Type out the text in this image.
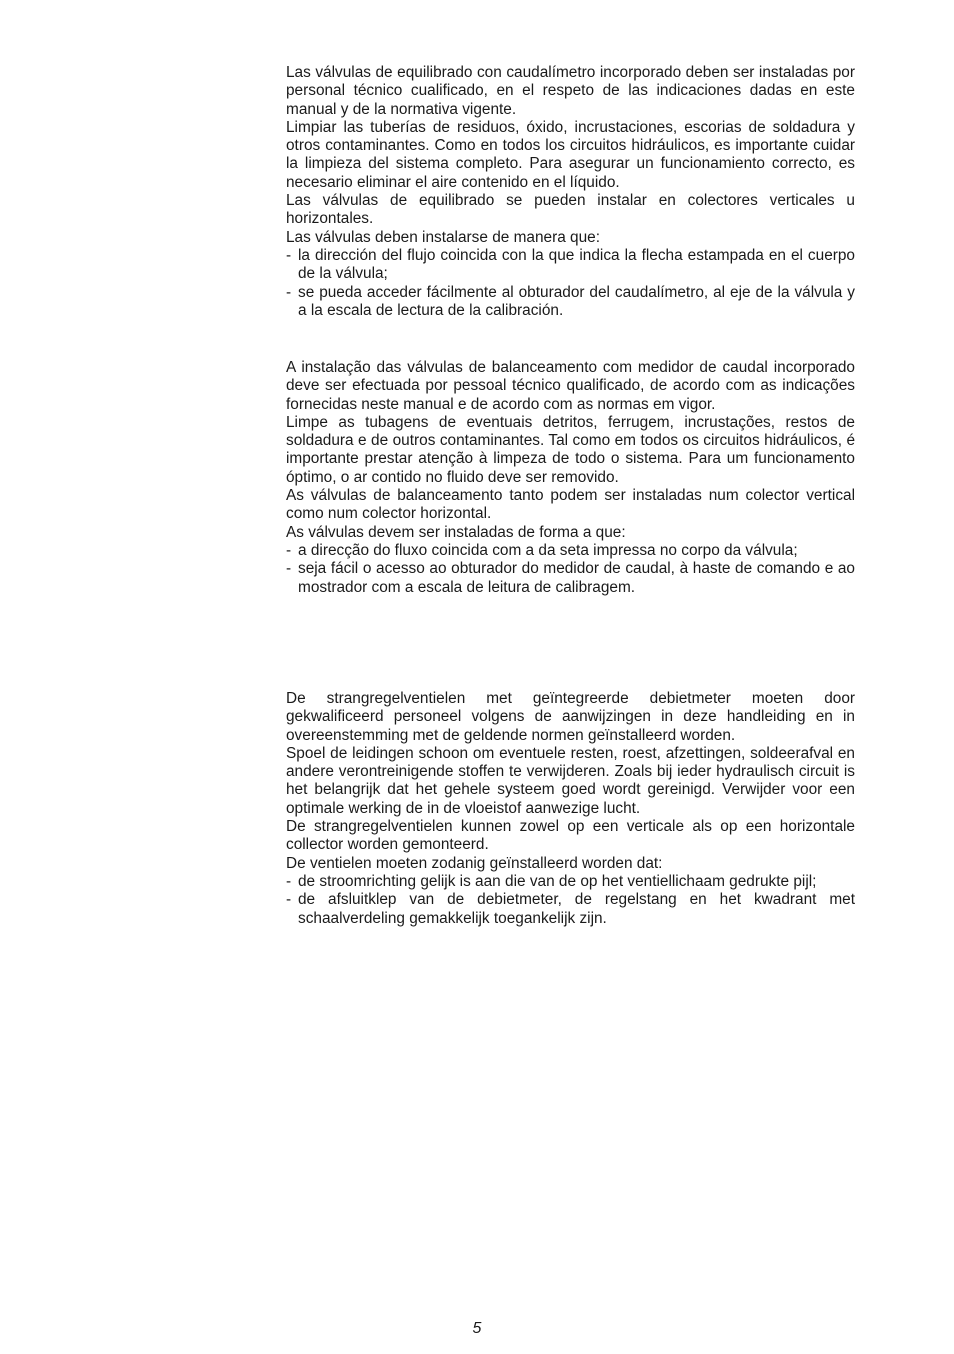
Las válvulas de equilibrado con caudalímetro incorporado deben ser instaladas por personal técnico cualificado, en el respeto de las indicaciones dadas en este manual y de la normativa vigente.

Limpiar las tuberías de residuos, óxido, incrustaciones, escorias de soldadura y otros contaminantes. Como en todos los circuitos hidráulicos, es importante cuidar la limpieza del sistema completo. Para asegurar un funcionamiento correcto, es necesario eliminar el aire contenido en el líquido.

Las válvulas de equilibrado se pueden instalar en colectores verticales u horizontales.

Las válvulas deben instalarse de manera que:

- la dirección del flujo coincida con la que indica la flecha estampada en el cuerpo de la válvula;
- se pueda acceder fácilmente al obturador del caudalímetro, al eje de la válvula y a la escala de lectura de la calibración.

A instalação das válvulas de balanceamento com medidor de caudal incorporado deve ser efectuada por pessoal técnico qualificado, de acordo com as indicações fornecidas neste manual e de acordo com as normas em vigor.

Limpe as tubagens de eventuais detritos, ferrugem, incrustações, restos de soldadura e de outros contaminantes. Tal como em todos os circuitos hidráulicos, é importante prestar atenção à limpeza de todo o sistema. Para um funcionamento óptimo, o ar contido no fluido deve ser removido.

As válvulas de balanceamento tanto podem ser instaladas num colector vertical como num colector horizontal.

As válvulas devem ser instaladas de forma a que:

- a direcção do fluxo coincida com a da seta impressa no corpo da válvula;
- seja fácil o acesso ao obturador do medidor de caudal, à haste de comando e ao mostrador com a escala de leitura de calibragem.

De strangregelventielen met geïntegreerde debietmeter moeten door gekwalificeerd personeel volgens de aanwijzingen in deze handleiding en in overeenstemming met de geldende normen geïnstalleerd worden.

Spoel de leidingen schoon om eventuele resten, roest, afzettingen, soldeerafval en andere verontreinigende stoffen te verwijderen. Zoals bij ieder hydraulisch circuit is het belangrijk dat het gehele systeem goed wordt gereinigd. Verwijder voor een optimale werking de in de vloeistof aanwezige lucht.

De strangregelventielen kunnen zowel op een verticale als op een horizontale collector worden gemonteerd.

De ventielen moeten zodanig geïnstalleerd worden dat:

- de stroomrichting gelijk is aan die van de op het ventiellichaam gedrukte pijl;
- de afsluitklep van de debietmeter, de regelstang en het kwadrant met schaalverdeling gemakkelijk toegankelijk zijn.
5
